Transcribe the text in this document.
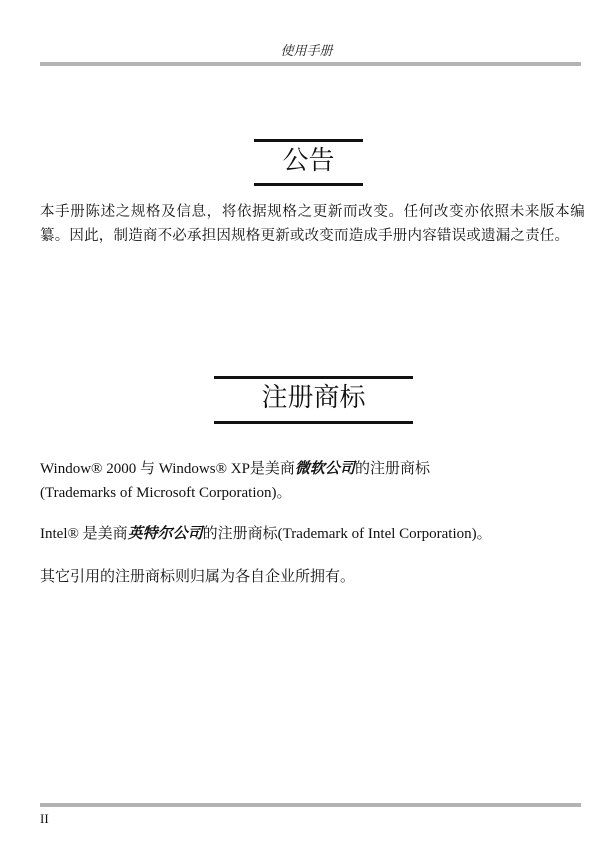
使用手册
公告
本手册陈述之规格及信息，将依据规格之更新而改变。任何改变亦依照未来版本编纂。因此，制造商不必承担因规格更新或改变而造成手册内容错误或遗漏之责任。
注册商标
Window® 2000 与 Windows® XP是美商微软公司的注册商标
(Trademarks of Microsoft Corporation)。
Intel® 是美商英特尔公司的注册商标(Trademark of Intel Corporation)。
其它引用的注册商标则归属为各自企业所拥有。
II
